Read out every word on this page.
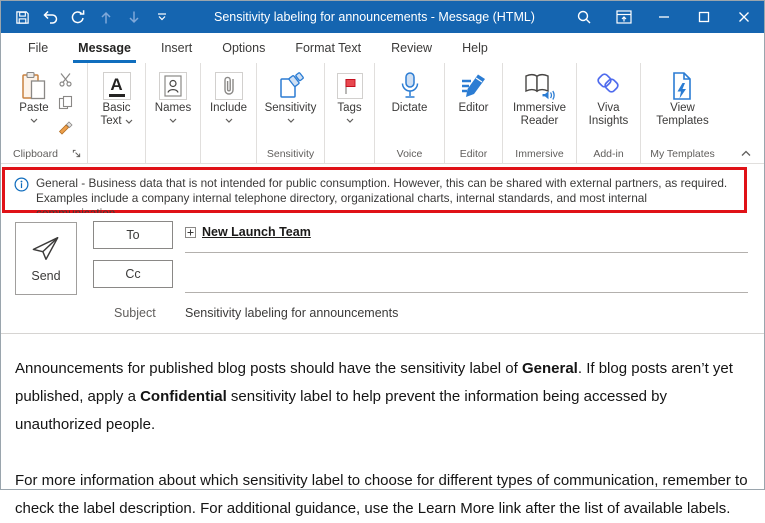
Sensitivity labeling for announcements - Message (HTML)
File	Message	Insert	Options	Format Text	Review	Help
Paste
Clipboard
A
Basic
Text
Names Include Sensitivity
Sensitivity
Tags	Dictate
Voice
Editor
Editor
Immersive
Reader
Immersive
Viva
Insights
Add-in
View
Templates
My Templates
General - Business data that is not intended for public consumption. However, this can be shared with external partners, as required. Examples include a company internal telephone directory, organizational charts, internal standards, and most internal
Send
To
Cc
New Launch Team
Subject Sensitivity labeling for announcements

Announcements for published blog posts should have the sensitivity label of General. If blog posts aren’t yet published, apply a Confidential sensitivity label to help prevent the information being accessed by unauthorized people.

For more information about which sensitivity label to choose for different types of communication, remember to check the label description. For additional guidance, use the Learn More link after the list of available labels.
